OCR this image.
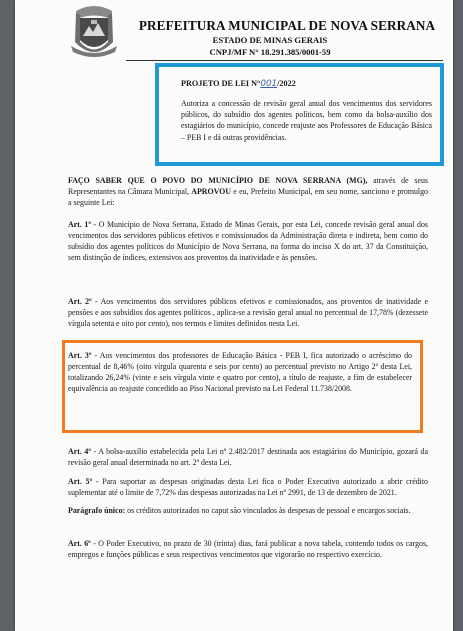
PREFEITURA MUNICIPAL DE NOVA SERRANA
ESTADO DE MINAS GERAIS
CNPJ/MF N° 18.291.385/0001-59
PROJETO DE LEI N°001/2022
Autoriza a concessão de revisão geral anual dos vencimentos dos servidores públicos, do subsídio dos agentes políticos, bem como da bolsa-auxílio dos estagiários do município, concede reajuste aos Professores de Educação Básica – PEB I e dá outras providências.
FAÇO SABER QUE O POVO DO MUNICÍPIO DE NOVA SERRANA (MG), através de seus Representantes na Câmara Municipal, APROVOU e eu, Prefeito Municipal, em seu nome, sanciono e promulgo a seguinte Lei:
Art. 1º - O Município de Nova Serrana, Estado de Minas Gerais, por esta Lei, concede revisão geral anual dos vencimentos dos servidores públicos efetivos e comissionados da Administração direta e indireta, bem como do subsídio dos agentes políticos do Município de Nova Serrana, na forma do inciso X do art. 37 da Constituição, sem distinção de índices, extensivos aos proventos da inatividade e às pensões.
Art. 2º - Aos vencimentos dos servidores públicos efetivos e comissionados, aos proventos de inatividade e pensões e aos subsídios dos agentes políticos , aplica-se a revisão geral anual no percentual de 17,78% (dezessete vírgula setenta e oito por cento), nos termos e limites definidos nesta Lei.
Art. 3º - Aos vencimentos dos professores de Educação Básica - PEB I, fica autorizado o acréscimo do percentual de 8,46% (oito vírgula quarenta e seis por cento) ao percentual previsto no Artigo 2º desta Lei, totalizando 26,24% (vinte e seis vírgula vinte e quatro por cento), a título de reajuste, a fim de estabelecer equivalência ao reajuste concedido ao Piso Nacional previsto na Lei Federal 11.738/2008.
Art. 4º - A bolsa-auxílio estabelecida pela Lei nº 2.482/2017 destinada aos estagiários do Município, gozará da revisão geral anual determinada no art. 2º desta Lei.
Art. 5º - Para suportar as despesas originadas desta Lei fica o Poder Executivo autorizado a abrir crédito suplementar até o limite de 7,72% das despesas autorizadas na Lei nº 2991, de 13 de dezembro de 2021.
Parágrafo único: os créditos autorizados no caput são vinculados às despesas de pessoal e encargos sociais.
Art. 6º - O Poder Executivo, no prazo de 30 (trinta) dias, fará publicar a nova tabela, contendo todos os cargos, empregos e funções públicas e seus respectivos vencimentos que vigorarão no respectivo exercício.
